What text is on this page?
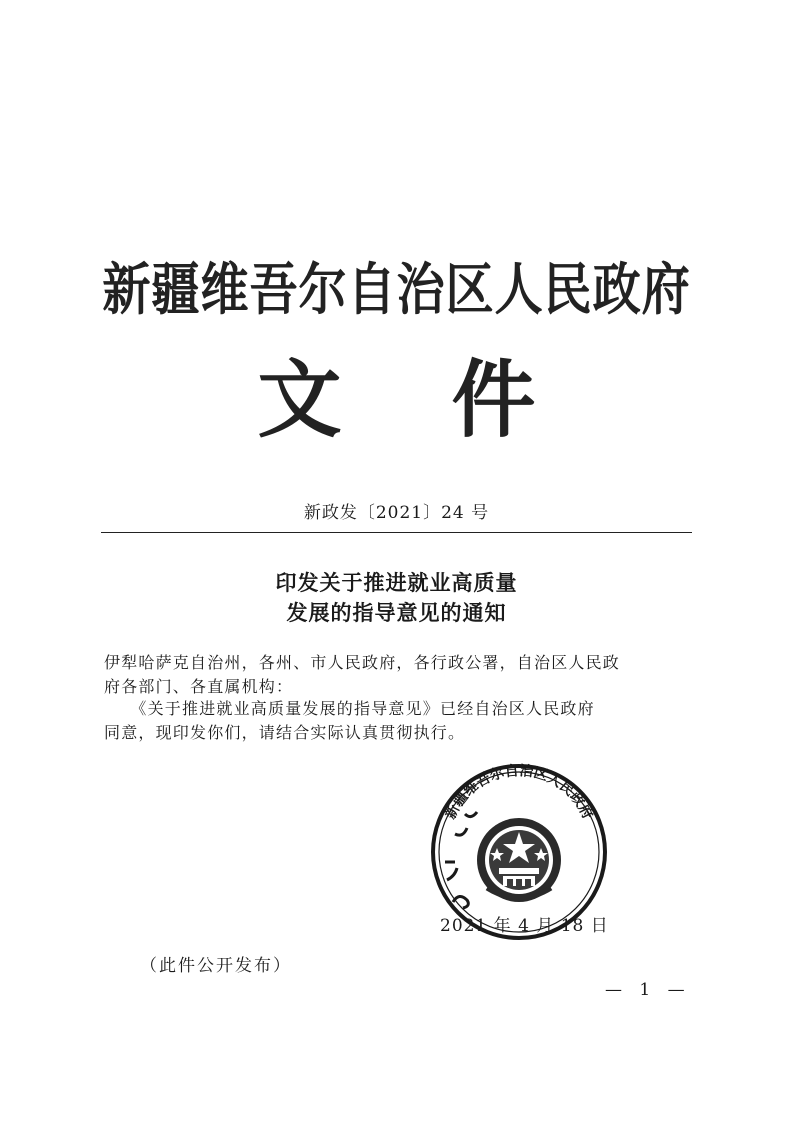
新疆维吾尔自治区人民政府
文 件
新政发〔2021〕24 号
印发关于推进就业高质量
发展的指导意见的通知
伊犁哈萨克自治州，各州、市人民政府，各行政公署，自治区人民政
府各部门、各直属机构：
　　《关于推进就业高质量发展的指导意见》已经自治区人民政府
同意，现印发你们，请结合实际认真贯彻执行。
新疆维吾尔自治区人民政府
2021 年 4 月 18 日
（此件公开发布）
— 1 —
